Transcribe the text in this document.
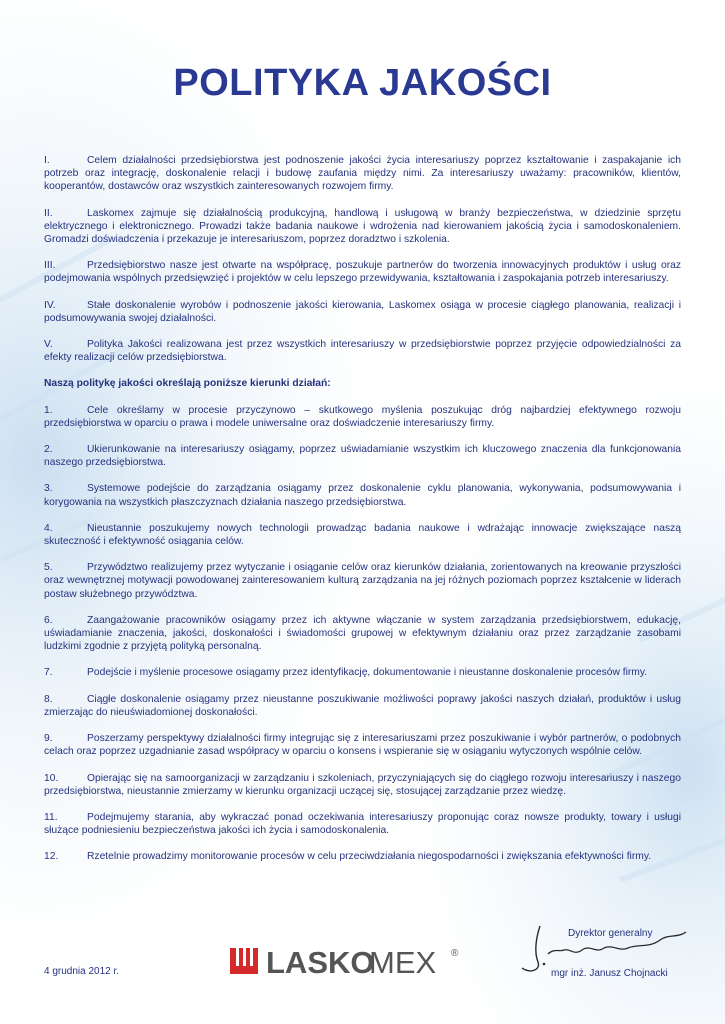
POLITYKA JAKOŚCI
I.	Celem działalności przedsiębiorstwa jest podnoszenie jakości życia interesariuszy poprzez kształtowanie i zaspakajanie ich potrzeb oraz integrację, doskonalenie relacji i budowę zaufania między nimi. Za interesariuszy uważamy: pracowników, klientów, kooperantów, dostawców oraz wszystkich zainteresowanych rozwojem firmy.
II.	Laskomex zajmuje się działalnością produkcyjną, handlową i usługową w branży bezpieczeństwa, w dziedzinie sprzętu elektrycznego i elektronicznego. Prowadzi także badania naukowe i wdrożenia nad kierowaniem jakością życia i samodoskonaleniem. Gromadzi doświadczenia i przekazuje je interesariuszom, poprzez doradztwo i szkolenia.
III.	Przedsiębiorstwo nasze jest otwarte na współpracę, poszukuje partnerów do tworzenia innowacyjnych produktów i usług oraz podejmowania wspólnych przedsięwzięć i projektów w celu lepszego przewidywania, kształtowania i zaspokajania potrzeb interesariuszy.
IV.	Stałe doskonalenie wyrobów i podnoszenie jakości kierowania, Laskomex osiąga w procesie ciągłego planowania, realizacji i podsumowywania swojej działalności.
V.	Polityka Jakości realizowana jest przez wszystkich interesariuszy w przedsiębiorstwie poprzez przyjęcie odpowiedzialności za efekty realizacji celów przedsiębiorstwa.
Naszą politykę jakości określają poniższe kierunki działań:
1.	Cele określamy w procesie przyczynowo – skutkowego myślenia poszukując dróg najbardziej efektywnego rozwoju przedsiębiorstwa w oparciu o prawa i modele uniwersalne oraz doświadczenie interesariuszy firmy.
2.	Ukierunkowanie na interesariuszy osiągamy, poprzez uświadamianie wszystkim ich kluczowego znaczenia dla funkcjonowania naszego przedsiębiorstwa.
3.	Systemowe podejście do zarządzania osiągamy przez doskonalenie cyklu planowania, wykonywania, podsumowywania i korygowania na wszystkich płaszczyznach działania naszego przedsiębiorstwa.
4.	Nieustannie poszukujemy nowych technologii prowadząc badania naukowe i wdrażając innowacje zwiększające naszą skuteczność i efektywność osiągania celów.
5.	Przywództwo realizujemy przez wytyczanie i osiąganie celów oraz kierunków działania, zorientowanych na kreowanie przyszłości oraz wewnętrznej motywacji powodowanej zainteresowaniem kulturą zarządzania na jej różnych poziomach poprzez kształcenie w liderach postaw służebnego przywództwa.
6.	Zaangażowanie pracowników osiągamy przez ich aktywne włączanie w system zarządzania przedsiębiorstwem, edukację, uświadamianie znaczenia, jakości, doskonałości i świadomości grupowej w efektywnym działaniu oraz przez zarządzanie zasobami ludzkimi zgodnie z przyjętą polityką personalną.
7.	Podejście i myślenie procesowe osiągamy przez identyfikację, dokumentowanie i nieustanne doskonalenie procesów firmy.
8.	Ciągłe doskonalenie osiągamy przez nieustanne poszukiwanie możliwości poprawy jakości naszych działań, produktów i usług zmierzając do nieuświadomionej doskonałości.
9.	Poszerzamy perspektywy działalności firmy integrując się z interesariuszami przez poszukiwanie i wybór partnerów, o podobnych celach oraz poprzez uzgadnianie zasad współpracy w oparciu o konsens i wspieranie się w osiąganiu wytyczonych wspólnie celów.
10.	Opierając się na samoorganizacji w zarządzaniu i szkoleniach, przyczyniających się do ciągłego rozwoju interesariuszy i naszego przedsiębiorstwa, nieustannie zmierzamy w kierunku organizacji uczącej się, stosującej zarządzanie przez wiedzę.
11.	Podejmujemy starania, aby wykraczać ponad oczekiwania interesariuszy proponując coraz nowsze produkty, towary i usługi służące podniesieniu bezpieczeństwa jakości ich życia i samodoskonalenia.
12.	Rzetelnie prowadzimy monitorowanie procesów w celu przeciwdziałania niegospodarności i zwiększania efektywności firmy.
4 grudnia 2012 r.	LASKO
MEX ®
Dyrektor generalny
mgr inż. Janusz Chojnacki
